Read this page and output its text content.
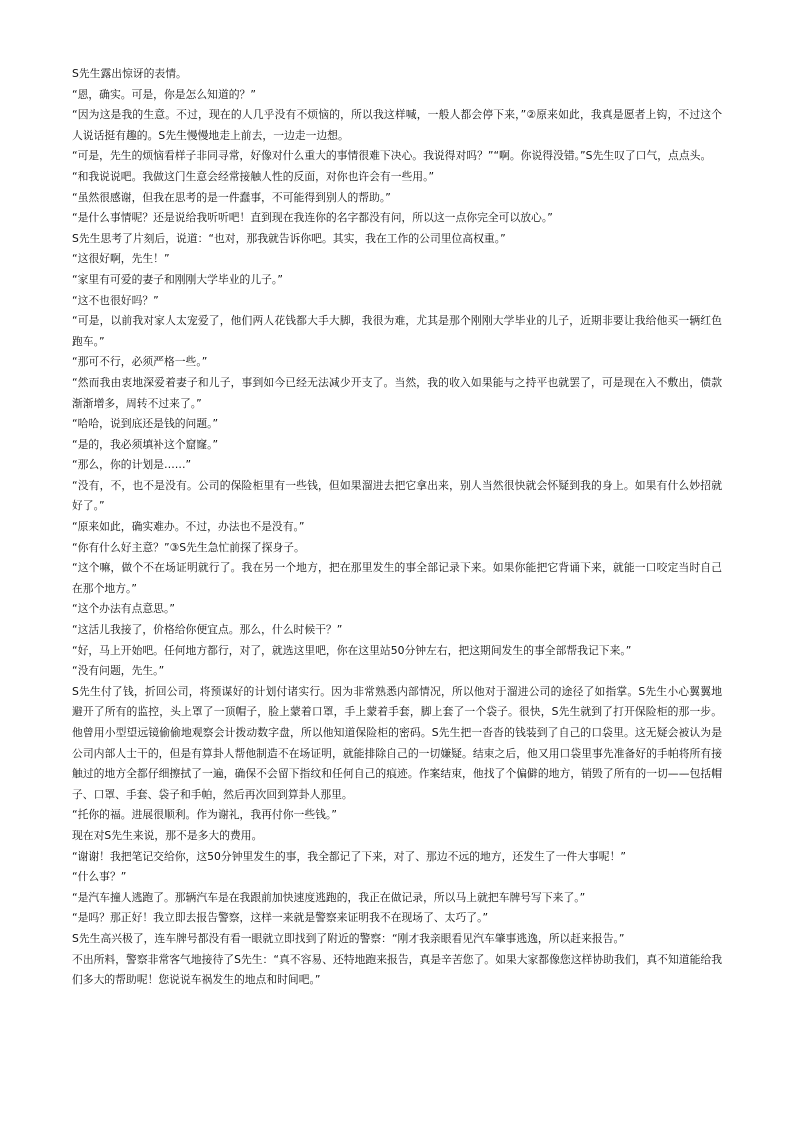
S先生露出惊讶的表情。

“恩，确实。可是，你是怎么知道的？”

“因为这是我的生意。不过，现在的人几乎没有不烦恼的，所以我这样喊，一般人都会停下来，”②原来如此，我真是愿者上钩，不过这个人说话挺有趣的。S先生慢慢地走上前去，一边走一边想。

“可是，先生的烦恼看样子非同寻常，好像对什么重大的事情很难下决心。我说得对吗？”“啊。你说得没错。”S先生叹了口气，点点头。

“和我说说吧。我做这门生意会经常接触人性的反面，对你也许会有一些用。”

“虽然很感谢，但我在思考的是一件蠢事，不可能得到别人的帮助。”

“是什么事情呢？还是说给我听听吧！直到现在我连你的名字都没有问，所以这一点你完全可以放心。”

S先生思考了片刻后，说道：“也对，那我就告诉你吧。其实，我在工作的公司里位高权重。”

“这很好啊，先生！”

“家里有可爱的妻子和刚刚大学毕业的儿子。”

“这不也很好吗？”

“可是，以前我对家人太宠爱了，他们两人花钱都大手大脚，我很为难，尤其是那个刚刚大学毕业的儿子，近期非要让我给他买一辆红色跑车。”

“那可不行，必须严格一些。”

“然而我由衷地深爱着妻子和儿子，事到如今已经无法减少开支了。当然，我的收入如果能与之持平也就罢了，可是现在入不敷出，债款渐渐增多，周转不过来了。”

“哈哈，说到底还是钱的问题。”

“是的，我必须填补这个窟窿。”

“那么，你的计划是……”

“没有，不，也不是没有。公司的保险柜里有一些钱，但如果溜进去把它拿出来，别人当然很快就会怀疑到我的身上。如果有什么妙招就好了。”

“原来如此，确实难办。不过，办法也不是没有。”

“你有什么好主意？”③S先生急忙前探了探身子。

“这个嘛，做个不在场证明就行了。我在另一个地方，把在那里发生的事全部记录下来。如果你能把它背诵下来，就能一口咬定当时自己在那个地方。”

“这个办法有点意思。”

“这活儿我接了，价格给你便宜点。那么，什么时候干？”

“好，马上开始吧。任何地方都行，对了，就选这里吧，你在这里站50分钟左右，把这期间发生的事全部帮我记下来。”

“没有问题，先生。”

S先生付了钱，折回公司，将预谋好的计划付诸实行。因为非常熟悉内部情况，所以他对于溜进公司的途径了如指掌。S先生小心翼翼地避开了所有的监控，头上罩了一顶帽子，脸上蒙着口罩，手上蒙着手套，脚上套了一个袋子。很快，S先生就到了打开保险柜的那一步。他曾用小型望远镜偷偷地观察会计拨动数字盘，所以他知道保险柜的密码。S先生把一沓沓的钱装到了自己的口袋里。这无疑会被认为是公司内部人士干的，但是有算卦人帮他制造不在场证明，就能排除自己的一切嫌疑。结束之后，他又用口袋里事先准备好的手帕将所有接触过的地方全都仔细擦拭了一遍，确保不会留下指纹和任何自己的痕迹。作案结束，他找了个偏僻的地方，销毁了所有的一切——包括帽子、口罩、手套、袋子和手帕，然后再次回到算卦人那里。

“托你的福。进展很顺利。作为谢礼，我再付你一些钱。”

现在对S先生来说，那不是多大的费用。

“谢谢！我把笔记交给你，这50分钟里发生的事，我全都记了下来，对了、那边不远的地方，还发生了一件大事呢！”

“什么事？”

“是汽车撞人逃跑了。那辆汽车是在我跟前加快速度逃跑的，我正在做记录，所以马上就把车牌号写下来了。”

“是吗？那正好！我立即去报告警察，这样一来就是警察来证明我不在现场了、太巧了。”

S先生高兴极了，连车牌号都没有看一眼就立即找到了附近的警察：“刚才我亲眼看见汽车肇事逃逸，所以赶来报告。”

不出所料，警察非常客气地接待了S先生：“真不容易、还特地跑来报告，真是辛苦您了。如果大家都像您这样协助我们，真不知道能给我们多大的帮助呢！您说说车祸发生的地点和时间吧。”
